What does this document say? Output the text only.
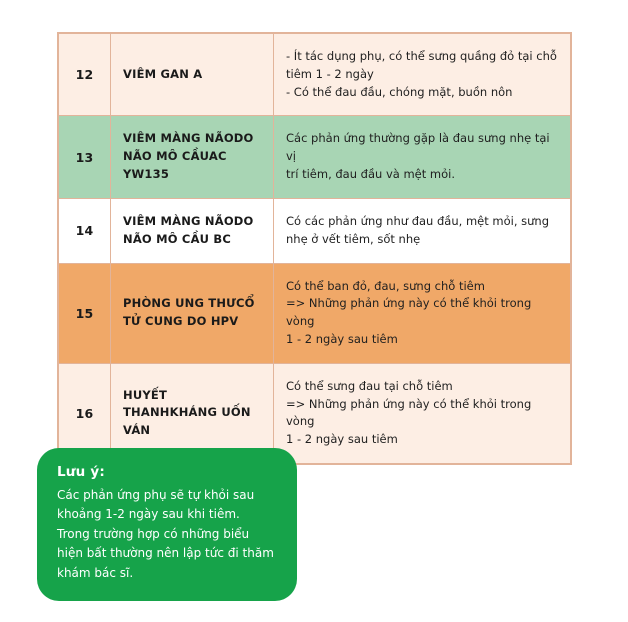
12	VIÊM GAN A	- Ít tác dụng phụ, có thể sưng quầng đỏ tại chỗ
tiêm 1 - 2 ngày
- Có thể đau đầu, chóng mặt, buồn nôn

13	VIÊM MÀNG NÃODO NÃO MÔ CẦUAC YW135	Các phản ứng thường gặp là đau sưng nhẹ tại vị
trí tiêm, đau đầu và mệt mỏi.

14	VIÊM MÀNG NÃODO NÃO MÔ CẦU BC	Có các phản ứng như đau đầu, mệt mỏi, sưng
nhẹ ở vết tiêm, sốt nhẹ

15	PHÒNG UNG THƯCỔ TỬ CUNG DO HPV	Có thể ban đỏ, đau, sưng chỗ tiêm
=> Những phản ứng này có thể khỏi trong vòng
1 - 2 ngày sau tiêm

16	HUYẾT THANHKHÁNG UỐN VÁN	Có thể sưng đau tại chỗ tiêm
=> Những phản ứng này có thể khỏi trong vòng
1 - 2 ngày sau tiêm
Lưu ý:
Các phản ứng phụ sẽ tự khỏi sau
khoảng 1-2 ngày sau khi tiêm.
Trong trường hợp có những biểu
hiện bất thường nên lập tức đi thăm
khám bác sĩ.
